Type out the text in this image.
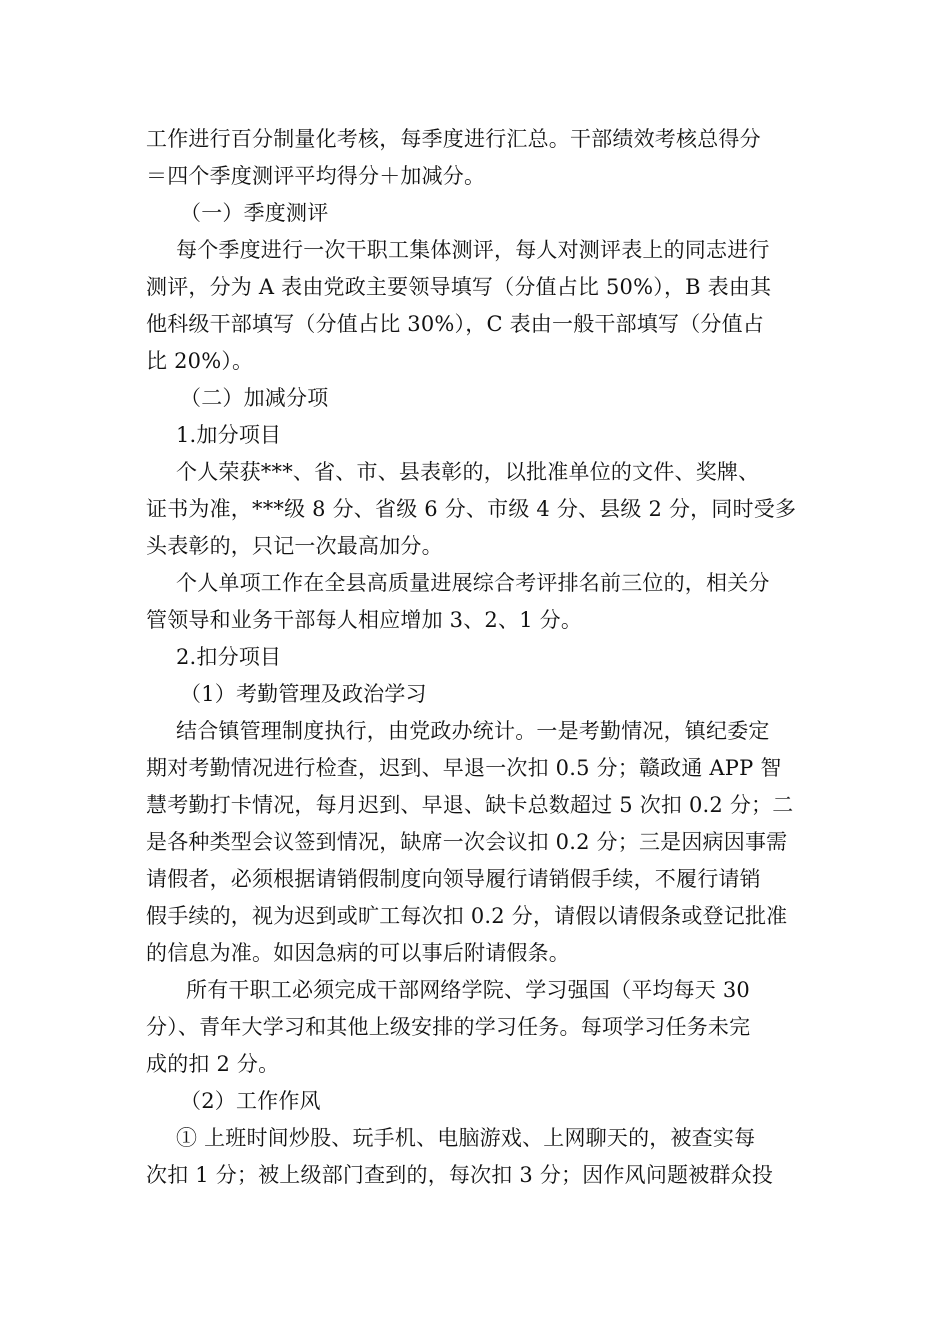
工作进行百分制量化考核，每季度进行汇总。干部绩效考核总得分
＝四个季度测评平均得分＋加减分。
（一）季度测评
每个季度进行一次干职工集体测评，每人对测评表上的同志进行
测评，分为 A 表由党政主要领导填写（分值占比 50%），B 表由其
他科级干部填写（分值占比 30%），C 表由一般干部填写（分值占
比 20%）。
（二）加减分项
1.加分项目
个人荣获***、省、市、县表彰的，以批准单位的文件、奖牌、
证书为准，***级 8 分、省级 6 分、市级 4 分、县级 2 分，同时受多
头表彰的，只记一次最高加分。
个人单项工作在全县高质量进展综合考评排名前三位的，相关分
管领导和业务干部每人相应增加 3、2、1 分。
2.扣分项目
（1）考勤管理及政治学习
结合镇管理制度执行，由党政办统计。一是考勤情况，镇纪委定
期对考勤情况进行检查，迟到、早退一次扣 0.5 分；赣政通 APP 智
慧考勤打卡情况，每月迟到、早退、缺卡总数超过 5 次扣 0.2 分；二
是各种类型会议签到情况，缺席一次会议扣 0.2 分；三是因病因事需
请假者，必须根据请销假制度向领导履行请销假手续，不履行请销
假手续的，视为迟到或旷工每次扣 0.2 分，请假以请假条或登记批准
的信息为准。如因急病的可以事后附请假条。
所有干职工必须完成干部网络学院、学习强国（平均每天 30
分）、青年大学习和其他上级安排的学习任务。每项学习任务未完
成的扣 2 分。
（2）工作作风
① 上班时间炒股、玩手机、电脑游戏、上网聊天的，被查实每
次扣 1 分；被上级部门查到的，每次扣 3 分；因作风问题被群众投
